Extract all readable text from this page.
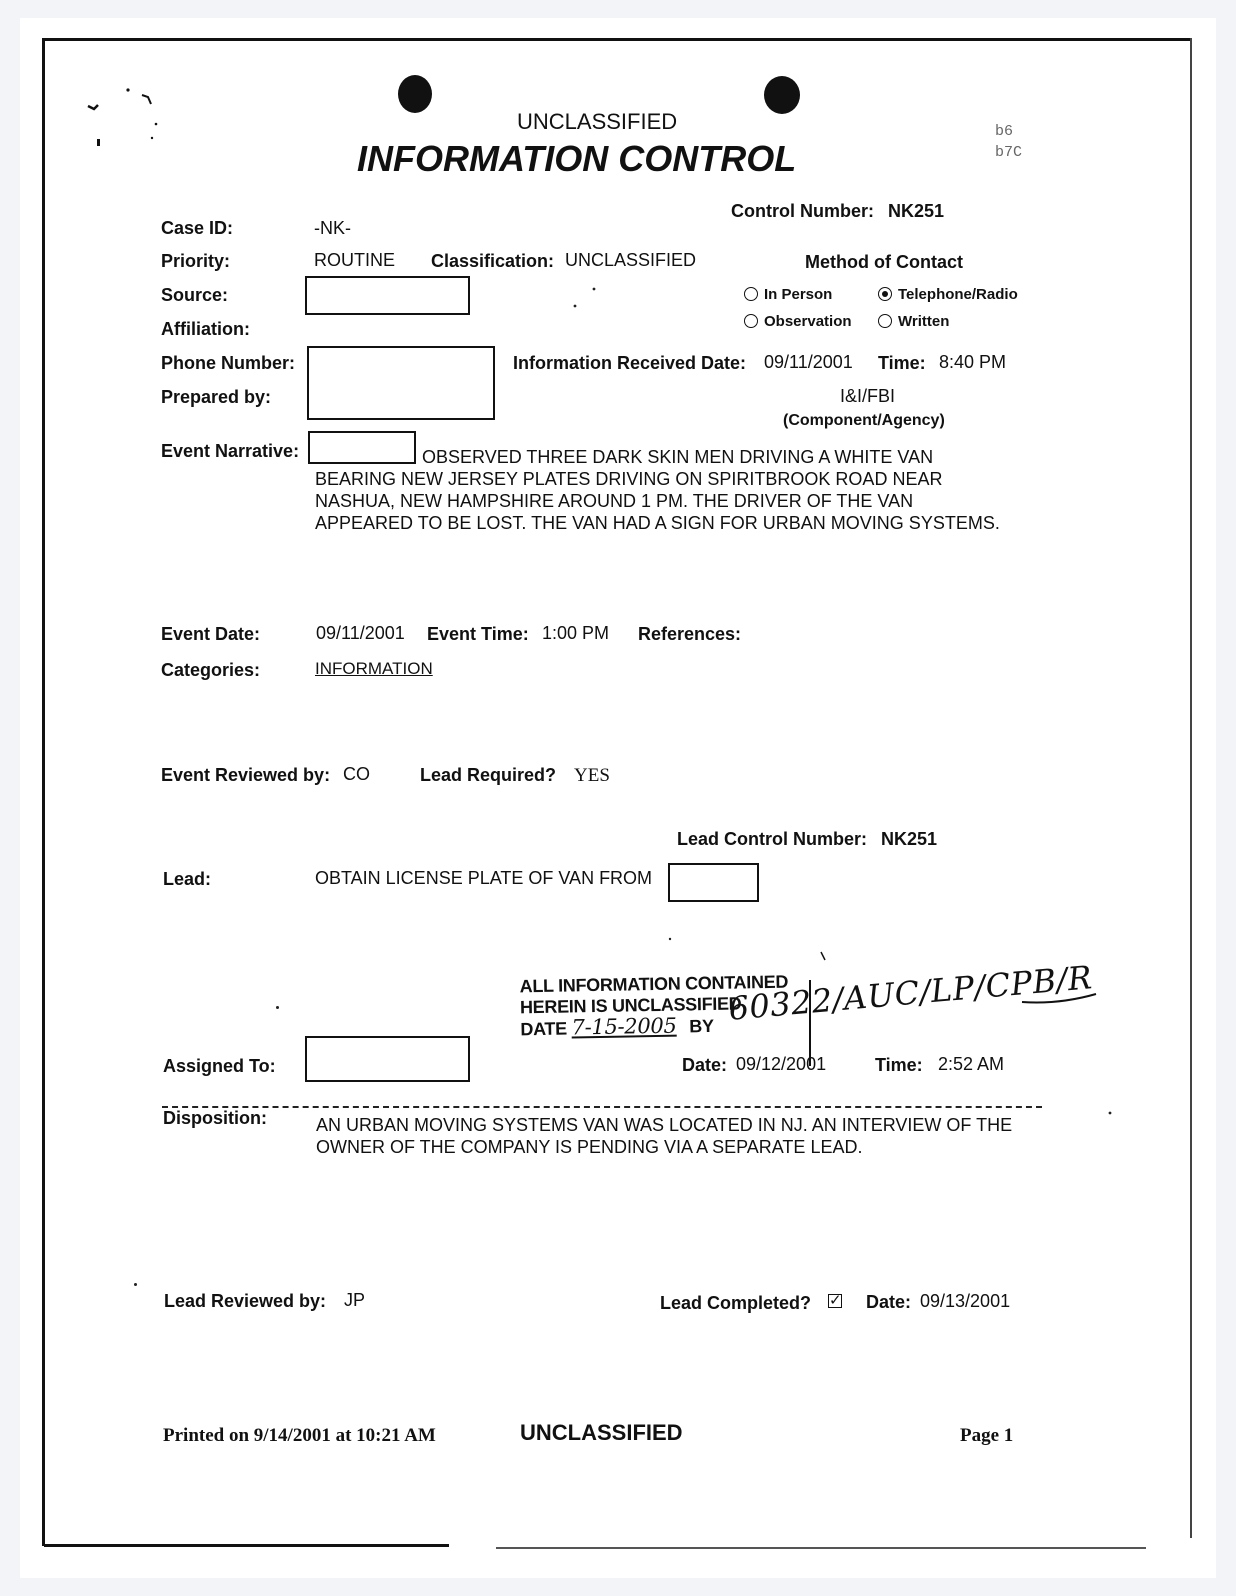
UNCLASSIFIED
INFORMATION CONTROL
b6
b7C
Control Number: NK251
Case ID:	-NK-
Priority:	ROUTINE Classification: UNCLASSIFIED	Method of Contact
In Person	Telephone/Radio
Observation	Written
Source:
Affiliation:
Phone Number:
Prepared by:
Information Received Date: 09/11/2001 Time: 8:40 PM
I&I/FBI
(Component/Agency)
Event Narrative:	OBSERVED THREE DARK SKIN MEN DRIVING A WHITE VAN BEARING NEW JERSEY PLATES DRIVING ON SPIRITBROOK ROAD NEAR NASHUA, NEW HAMPSHIRE AROUND 1 PM. THE DRIVER OF THE VAN APPEARED TO BE LOST. THE VAN HAD A SIGN FOR URBAN MOVING SYSTEMS.
Event Date:	09/11/2001 Event Time: 1:00 PM References:
Categories:	INFORMATION
Event Reviewed by: CO	Lead Required? YES
Lead Control Number: NK251
Lead:	OBTAIN LICENSE PLATE OF VAN FROM
ALL INFORMATION CONTAINED
HEREIN IS UNCLASSIFIED
DATE 7-15-2005 BY 60322/AUC/LP/CPB/R
Assigned To:	Date: 09/12/2001	Time: 2:52 AM
Disposition:	AN URBAN MOVING SYSTEMS VAN WAS LOCATED IN NJ. AN INTERVIEW OF THE OWNER OF THE COMPANY IS PENDING VIA A SEPARATE LEAD.
Lead Reviewed by: JP	Lead Completed? ✓ Date: 09/13/2001
Printed on 9/14/2001 at 10:21 AM	UNCLASSIFIED	Page 1
